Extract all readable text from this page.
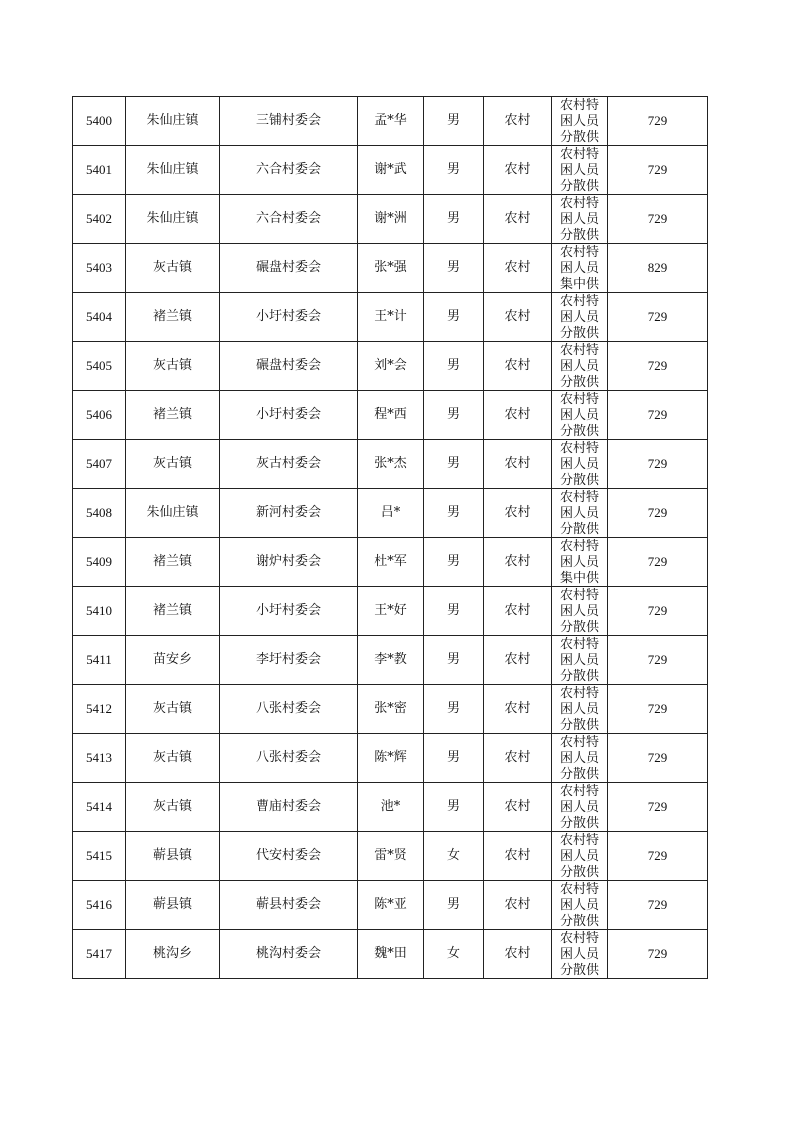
5400	朱仙庄镇	三铺村委会	孟*华	男	农村	农村特困人员分散供	729
5401	朱仙庄镇	六合村委会	谢*武	男	农村	农村特困人员分散供	729
5402	朱仙庄镇	六合村委会	谢*洲	男	农村	农村特困人员分散供	729
5403	灰古镇	碾盘村委会	张*强	男	农村	农村特困人员集中供	829
5404	褚兰镇	小圩村委会	王*计	男	农村	农村特困人员分散供	729
5405	灰古镇	碾盘村委会	刘*会	男	农村	农村特困人员分散供	729
5406	褚兰镇	小圩村委会	程*西	男	农村	农村特困人员分散供	729
5407	灰古镇	灰古村委会	张*杰	男	农村	农村特困人员分散供	729
5408	朱仙庄镇	新河村委会	吕*	男	农村	农村特困人员分散供	729
5409	褚兰镇	谢炉村委会	杜*军	男	农村	农村特困人员集中供	729
5410	褚兰镇	小圩村委会	王*好	男	农村	农村特困人员分散供	729
5411	苗安乡	李圩村委会	李*教	男	农村	农村特困人员分散供	729
5412	灰古镇	八张村委会	张*密	男	农村	农村特困人员分散供	729
5413	灰古镇	八张村委会	陈*辉	男	农村	农村特困人员分散供	729
5414	灰古镇	曹庙村委会	池*	男	农村	农村特困人员分散供	729
5415	蕲县镇	代安村委会	雷*贤	女	农村	农村特困人员分散供	729
5416	蕲县镇	蕲县村委会	陈*亚	男	农村	农村特困人员分散供	729
5417	桃沟乡	桃沟村委会	魏*田	女	农村	农村特困人员分散供	729
